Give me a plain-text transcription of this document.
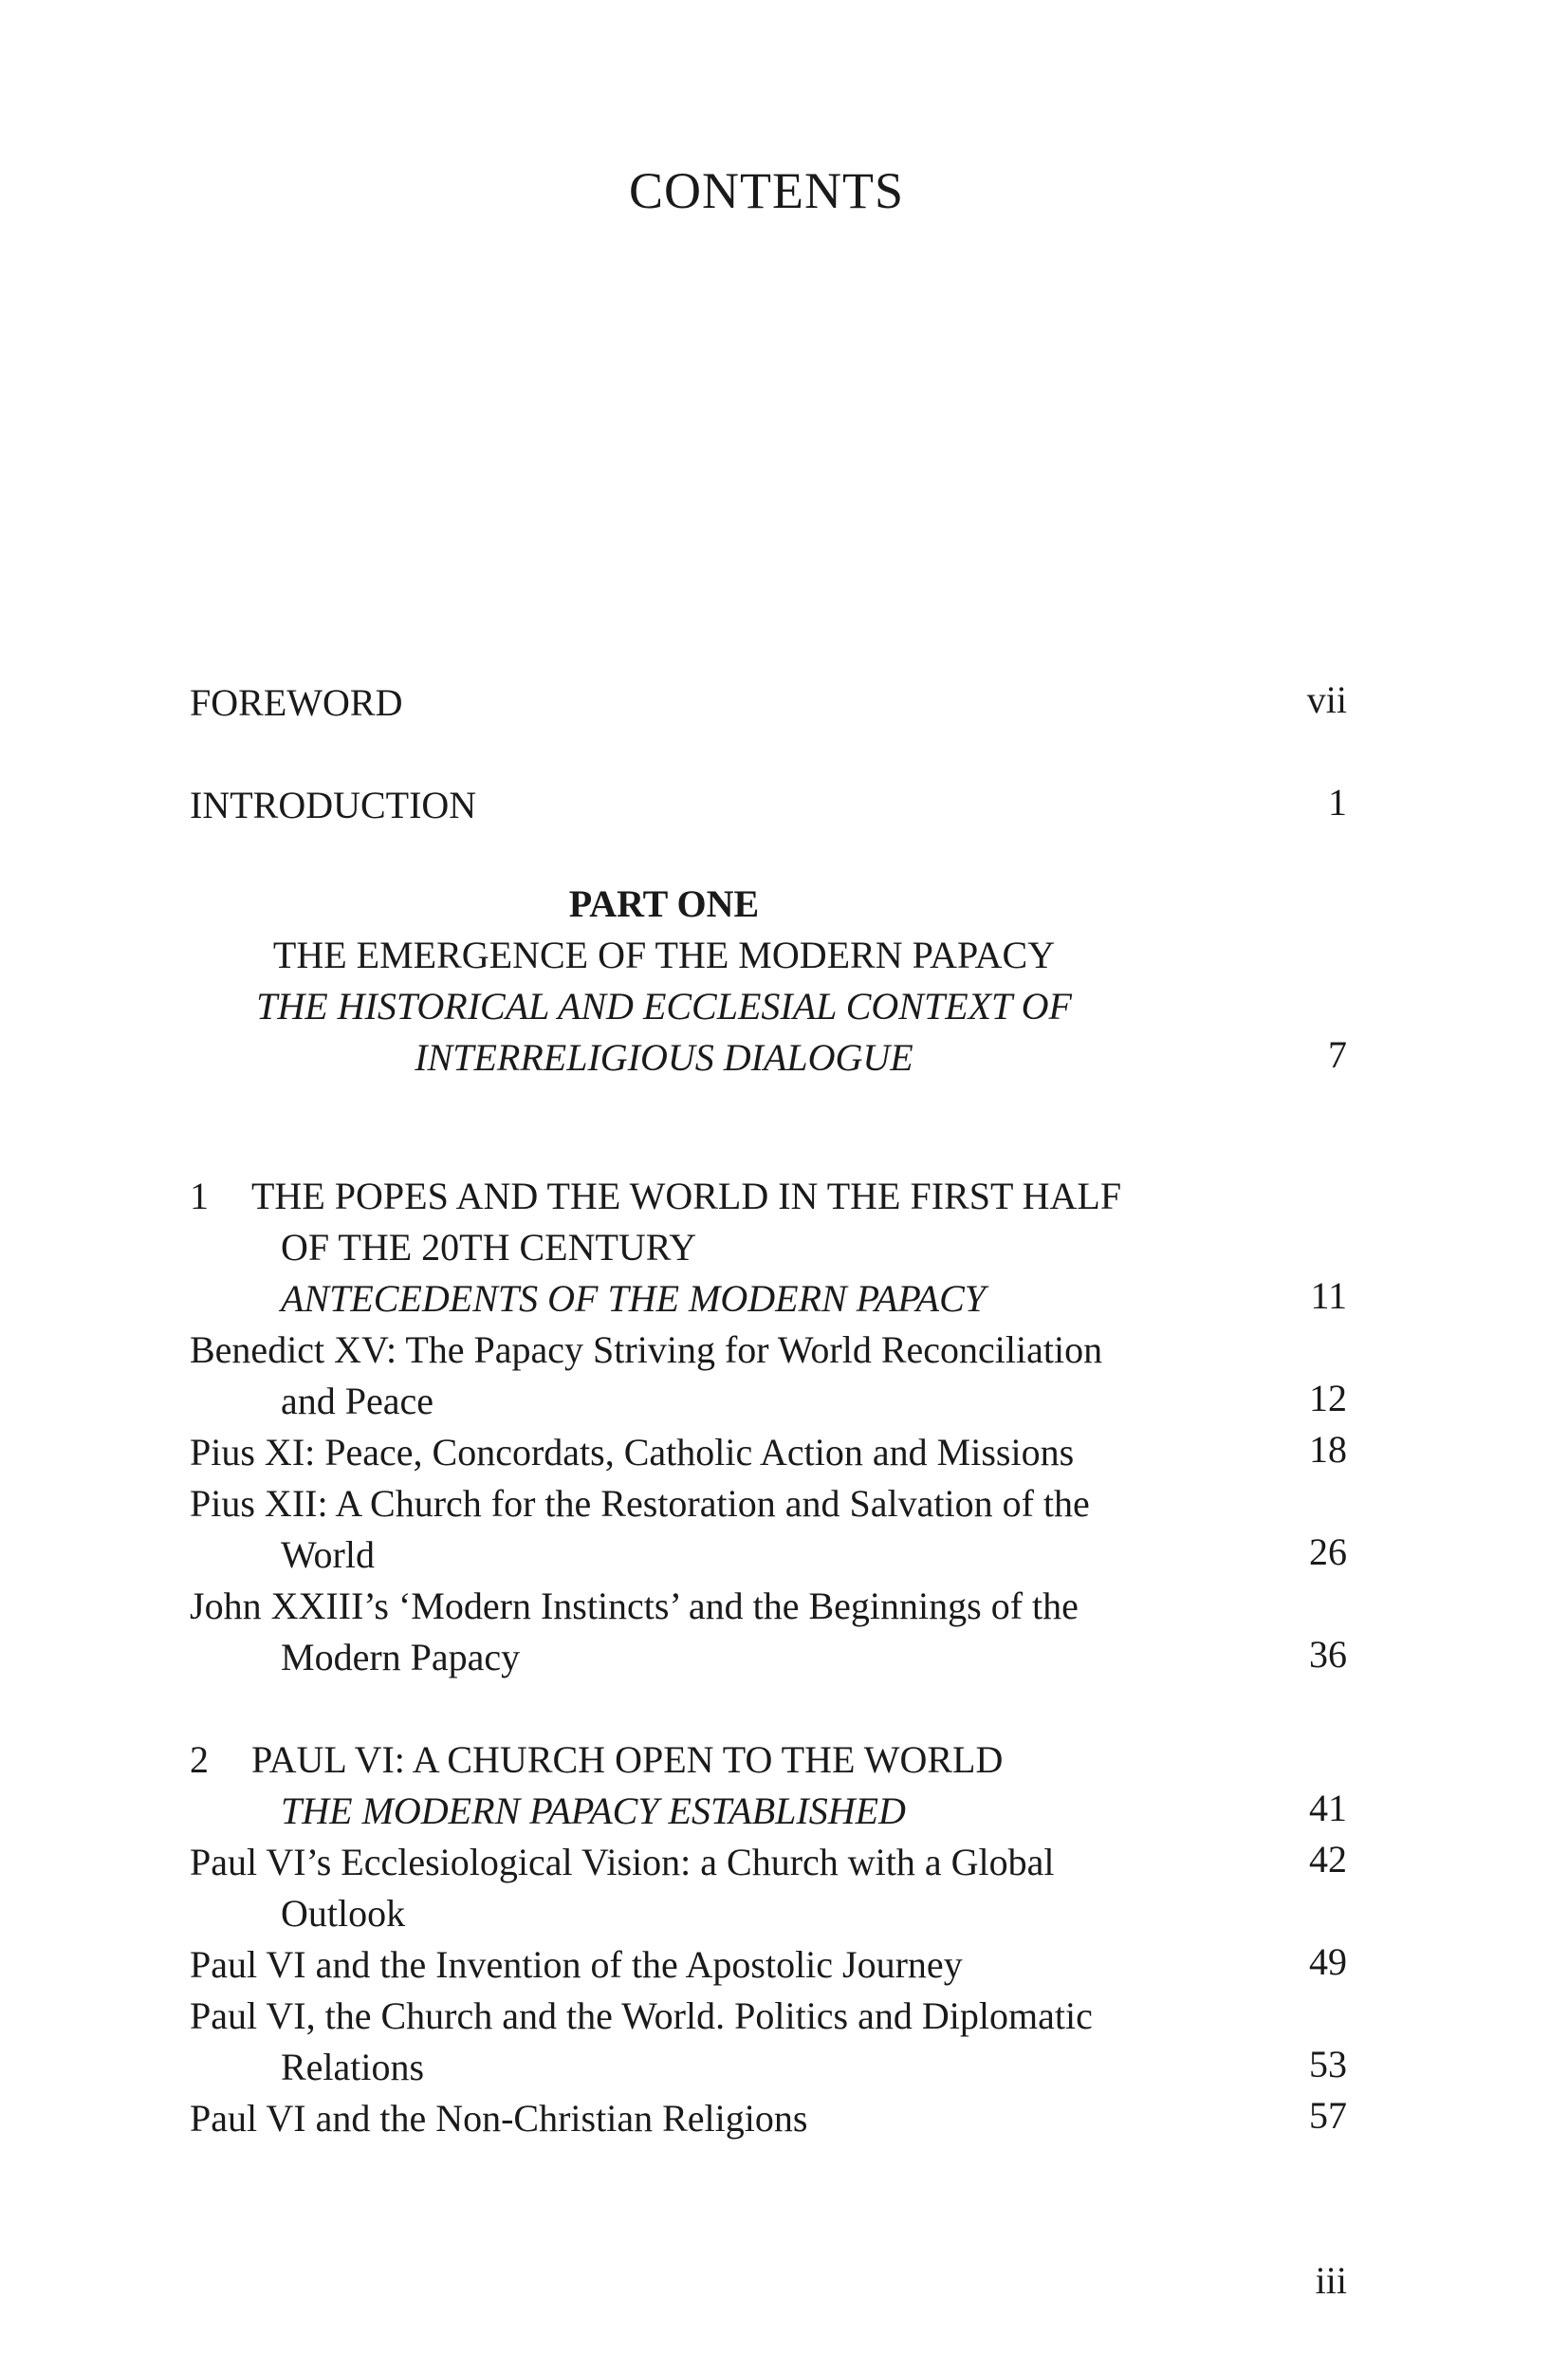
CONTENTS
FOREWORD	vii
INTRODUCTION	1
PART ONE
THE EMERGENCE OF THE MODERN PAPACY
THE HISTORICAL AND ECCLESIAL CONTEXT OF
INTERRELIGIOUS DIALOGUE	7
1 THE POPES AND THE WORLD IN THE FIRST HALF
OF THE 20TH CENTURY
ANTECEDENTS OF THE MODERN PAPACY	11
Benedict XV: The Papacy Striving for World Reconciliation
and Peace	12
Pius XI: Peace, Concordats, Catholic Action and Missions	18
Pius XII: A Church for the Restoration and Salvation of the
World	26
John XXIII’s ‘Modern Instincts’ and the Beginnings of the
Modern Papacy	36
2 PAUL VI: A CHURCH OPEN TO THE WORLD
THE MODERN PAPACY ESTABLISHED	41
Paul VI’s Ecclesiological Vision: a Church with a Global	42
Outlook
Paul VI and the Invention of the Apostolic Journey	49
Paul VI, the Church and the World. Politics and Diplomatic
Relations	53
Paul VI and the Non-Christian Religions	57
iii
